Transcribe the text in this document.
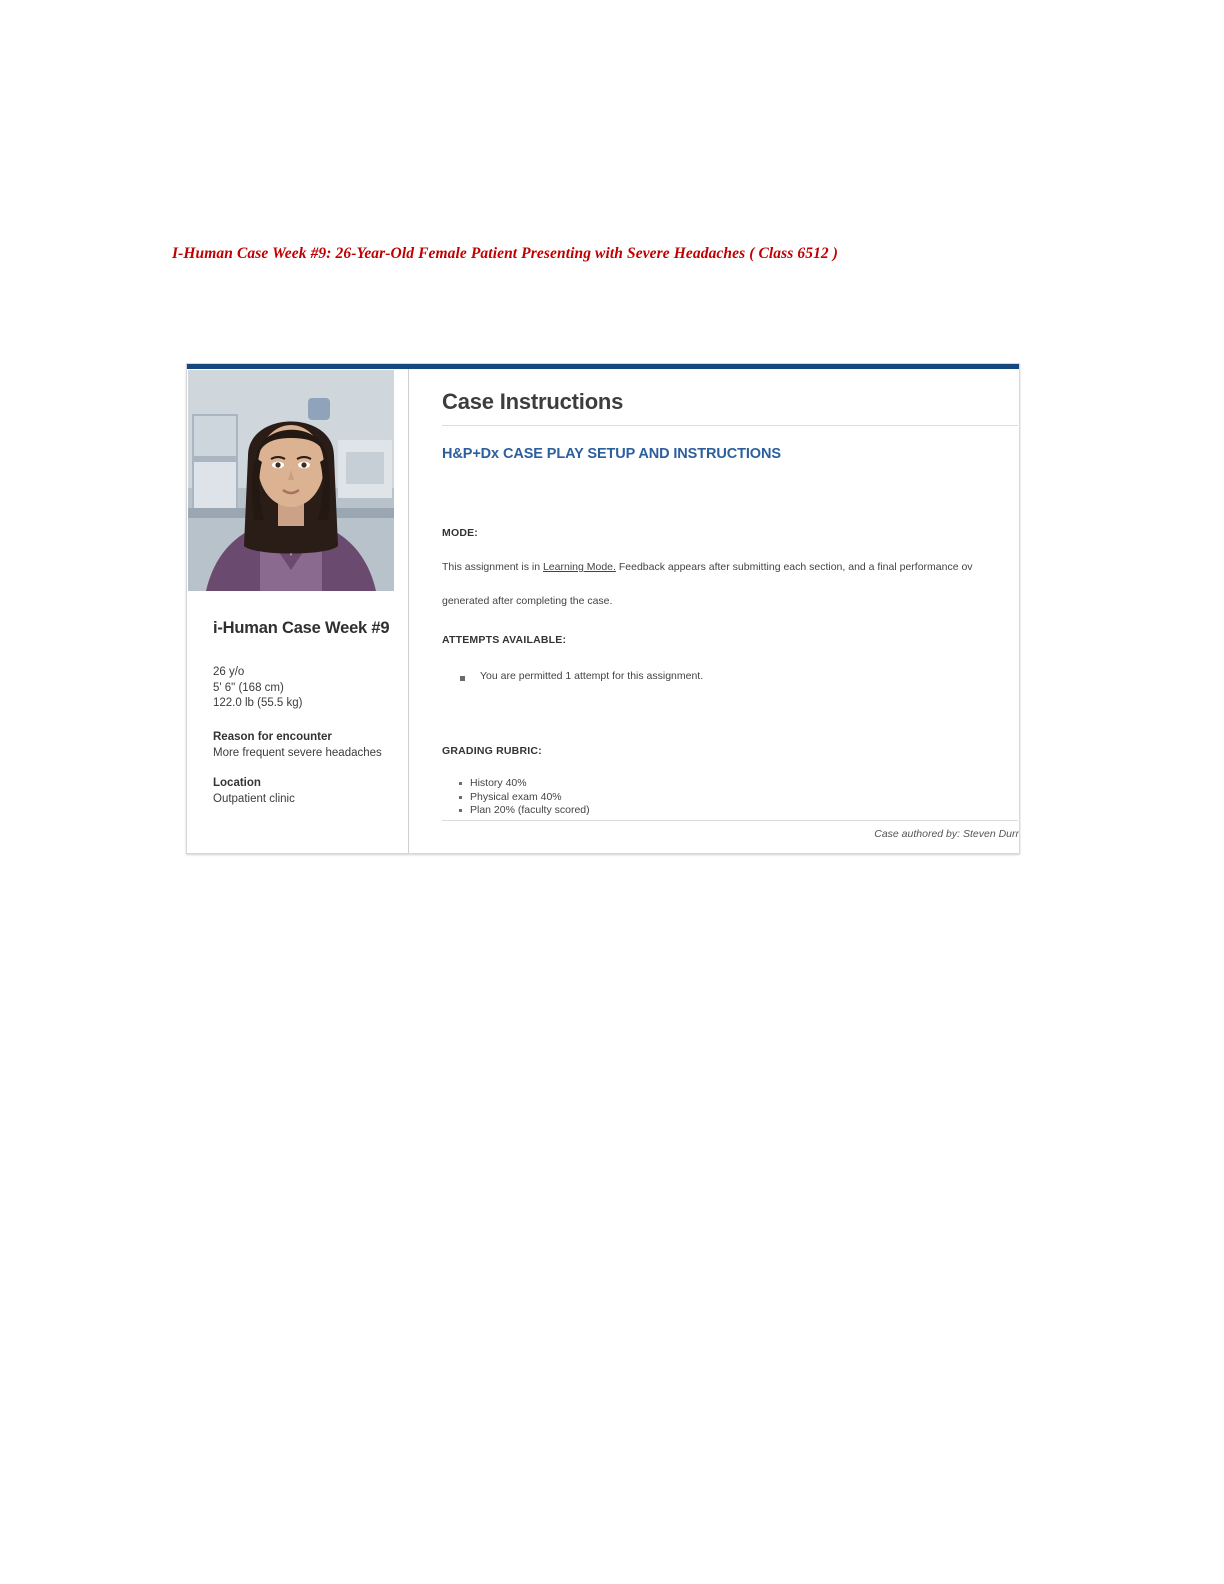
I-Human Case Week #9: 26-Year-Old Female Patient Presenting with Severe Headaches ( Class 6512 )
i-Human Case Week #9
26 y/o
5' 6" (168 cm)
122.0 lb (55.5 kg)
Reason for encounter
More frequent severe headaches
Location
Outpatient clinic
Case Instructions
H&P+Dx CASE PLAY SETUP AND INSTRUCTIONS
MODE:
This assignment is in Learning Mode. Feedback appears after submitting each section, and a final performance ov
generated after completing the case.
ATTEMPTS AVAILABLE:
You are permitted 1 attempt for this assignment.
GRADING RUBRIC:
History 40%
Physical exam 40%
Plan 20% (faculty scored)
Case authored by: Steven Durr
